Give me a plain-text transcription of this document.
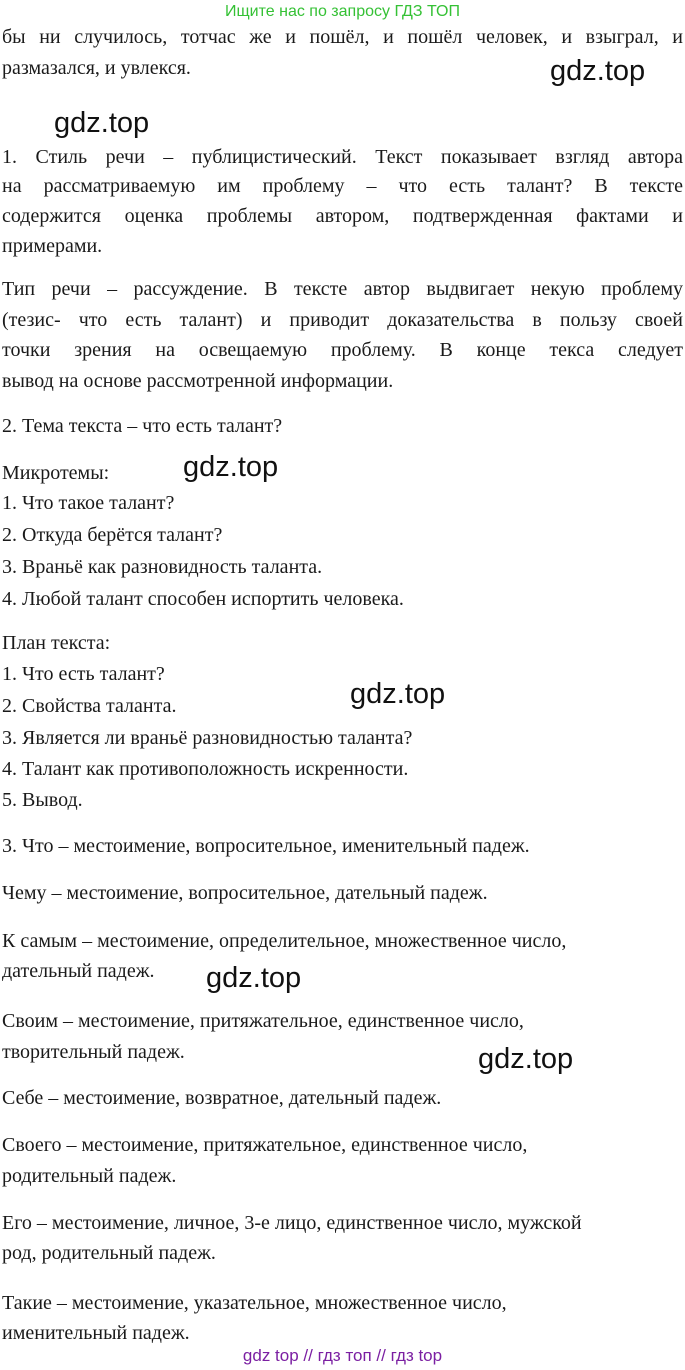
Ищите нас по запросу ГДЗ ТОП
бы ни случилось, тотчас же и пошёл, и пошёл человек, и взыграл, и
размазался, и увлекся.
1. Стиль речи – публицистический. Текст показывает взгляд автора
на рассматриваемую им проблему – что есть талант? В тексте
содержится оценка проблемы автором, подтвержденная фактами и
примерами.
Тип речи – рассуждение. В тексте автор выдвигает некую проблему
(тезис- что есть талант) и приводит доказательства в пользу своей
точки зрения на освещаемую проблему. В конце текса следует
вывод на основе рассмотренной информации.
2. Тема текста – что есть талант?
Микротемы:
1. Что такое талант?
2. Откуда берётся талант?
3. Враньё как разновидность таланта.
4. Любой талант способен испортить человека.
План текста:
1. Что есть талант?
2. Свойства таланта.
3. Является ли враньё разновидностью таланта?
4. Талант как противоположность искренности.
5. Вывод.
3. Что – местоимение, вопросительное, именительный падеж.
Чему – местоимение, вопросительное, дательный падеж.
К самым – местоимение, определительное, множественное число,
дательный падеж.
Своим – местоимение, притяжательное, единственное число,
творительный падеж.
Себе – местоимение, возвратное, дательный падеж.
Своего – местоимение, притяжательное, единственное число,
родительный падеж.
Его – местоимение, личное, 3-е лицо, единственное число, мужской
род, родительный падеж.
Такие – местоимение, указательное, множественное число,
именительный падеж.
gdz.top
gdz.top
gdz.top
gdz.top
gdz.top
gdz.top
gdz top // гдз топ // гдз top
